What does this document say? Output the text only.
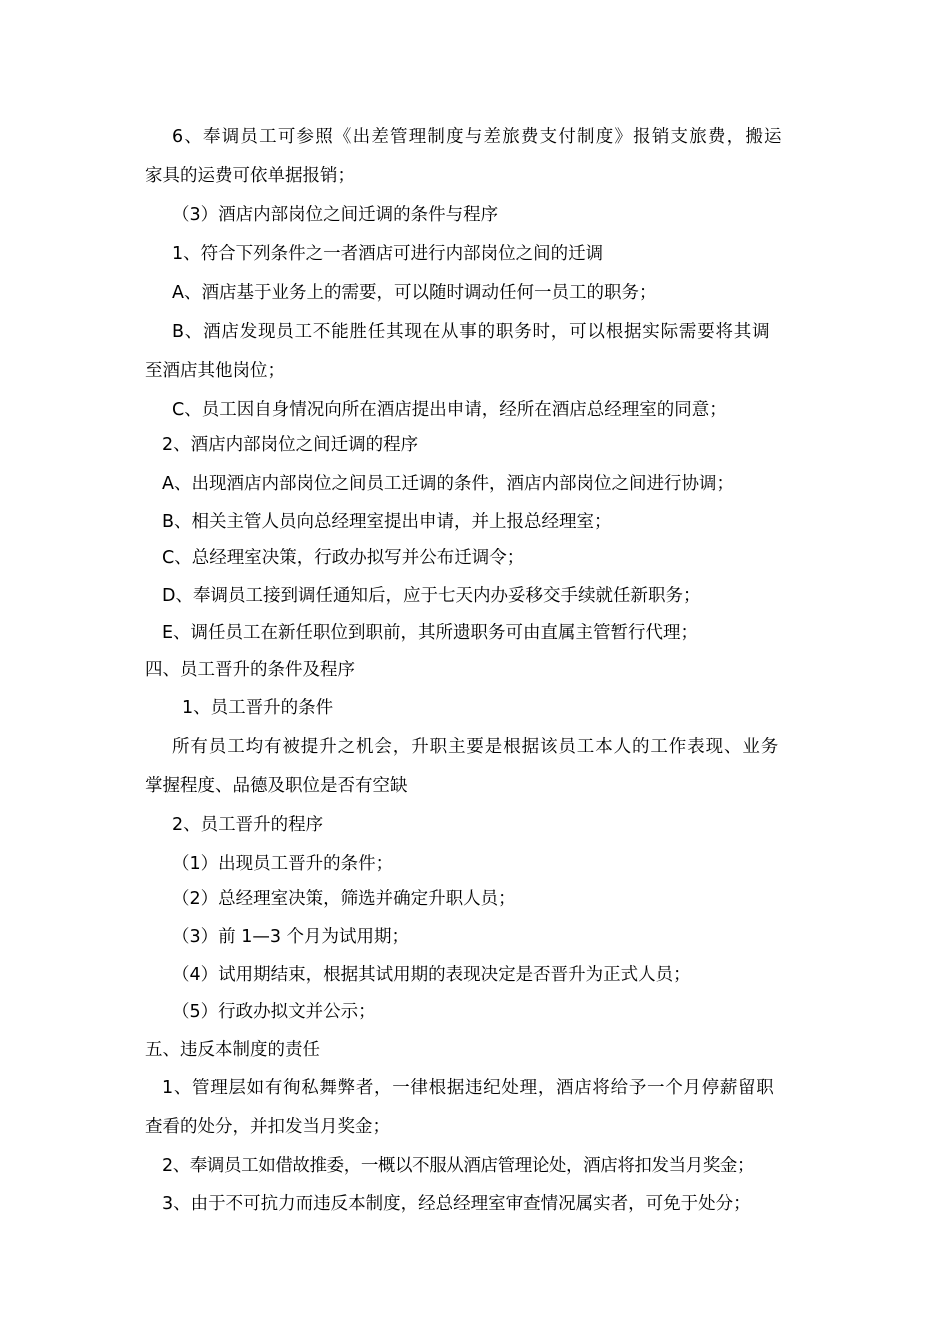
6、奉调员工可参照《出差管理制度与差旅费支付制度》报销支旅费，搬运
家具的运费可依单据报销；
（3）酒店内部岗位之间迁调的条件与程序
1、符合下列条件之一者酒店可进行内部岗位之间的迁调
A、酒店基于业务上的需要，可以随时调动任何一员工的职务；
B、酒店发现员工不能胜任其现在从事的职务时，可以根据实际需要将其调
至酒店其他岗位；
C、员工因自身情况向所在酒店提出申请，经所在酒店总经理室的同意；
2、酒店内部岗位之间迁调的程序
A、出现酒店内部岗位之间员工迁调的条件，酒店内部岗位之间进行协调；
B、相关主管人员向总经理室提出申请，并上报总经理室；
C、总经理室决策，行政办拟写并公布迁调令；
D、奉调员工接到调任通知后，应于七天内办妥移交手续就任新职务；
E、调任员工在新任职位到职前，其所遗职务可由直属主管暂行代理；
四、员工晋升的条件及程序
1、员工晋升的条件
所有员工均有被提升之机会，升职主要是根据该员工本人的工作表现、业务
掌握程度、品德及职位是否有空缺
2、员工晋升的程序
（1）出现员工晋升的条件；
（2）总经理室决策，筛选并确定升职人员；
（3）前 1—3 个月为试用期；
（4）试用期结束，根据其试用期的表现决定是否晋升为正式人员；
（5）行政办拟文并公示；
五、违反本制度的责任
1、管理层如有徇私舞弊者，一律根据违纪处理，酒店将给予一个月停薪留职
查看的处分，并扣发当月奖金；
2、奉调员工如借故推委，一概以不服从酒店管理论处，酒店将扣发当月奖金；
3、由于不可抗力而违反本制度，经总经理室审查情况属实者，可免于处分；
